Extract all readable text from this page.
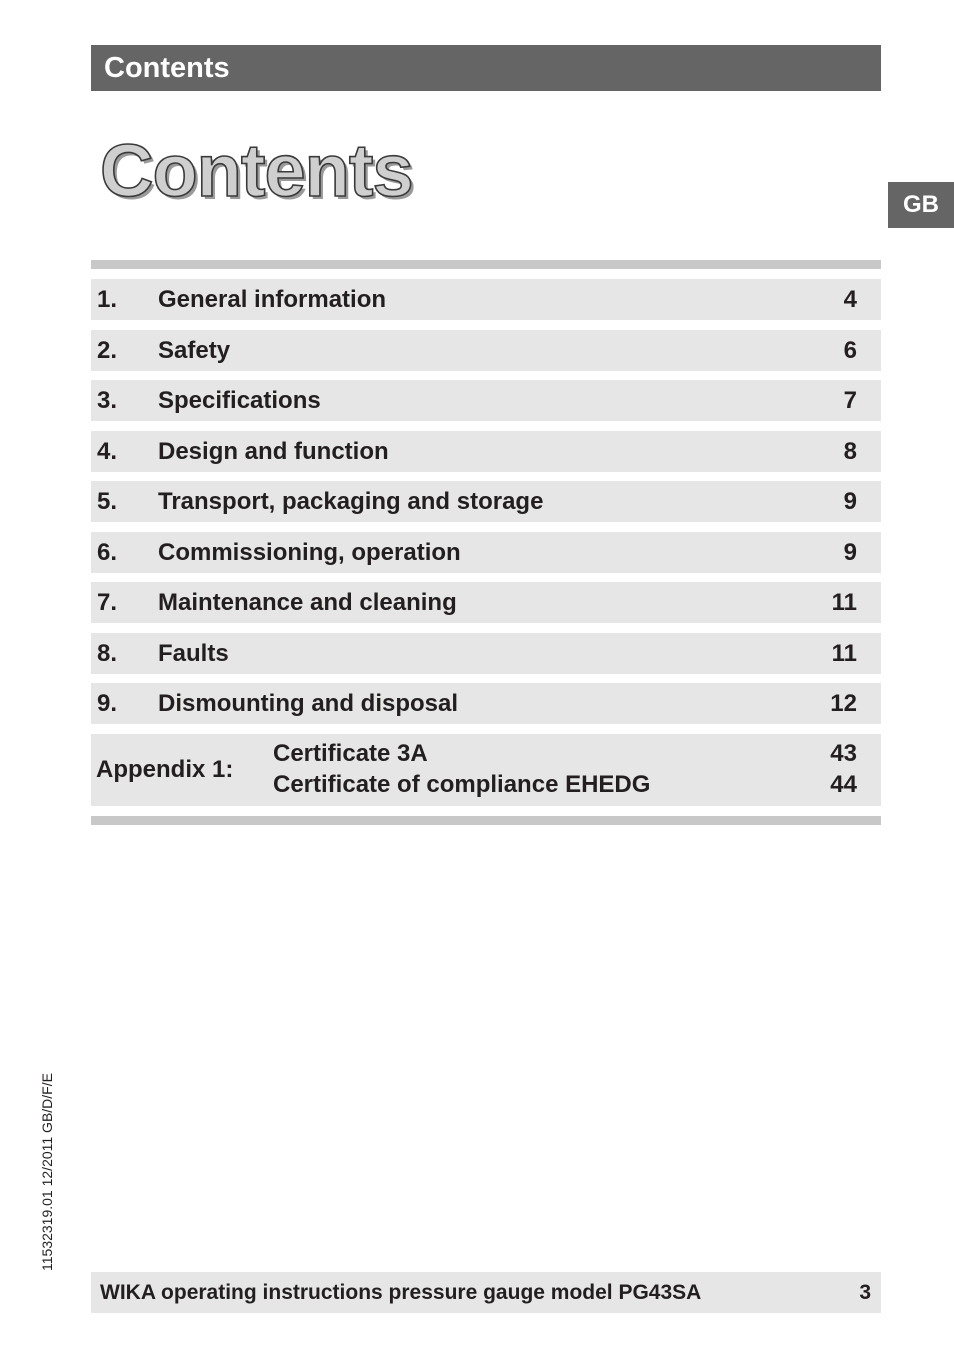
Contents
GB
Contents
1. General information	4
2. Safety	6
3. Specifications	7
4. Design and function	8
5. Transport, packaging and storage	9
6. Commissioning, operation	9
7. Maintenance and cleaning	11
8. Faults	11
9. Dismounting and disposal	12
Appendix 1:
Certificate 3A	43
Certificate of compliance EHEDG	44
11532319.01 12/2011 GB/D/F/E
WIKA operating instructions pressure gauge model PG43SA	3
